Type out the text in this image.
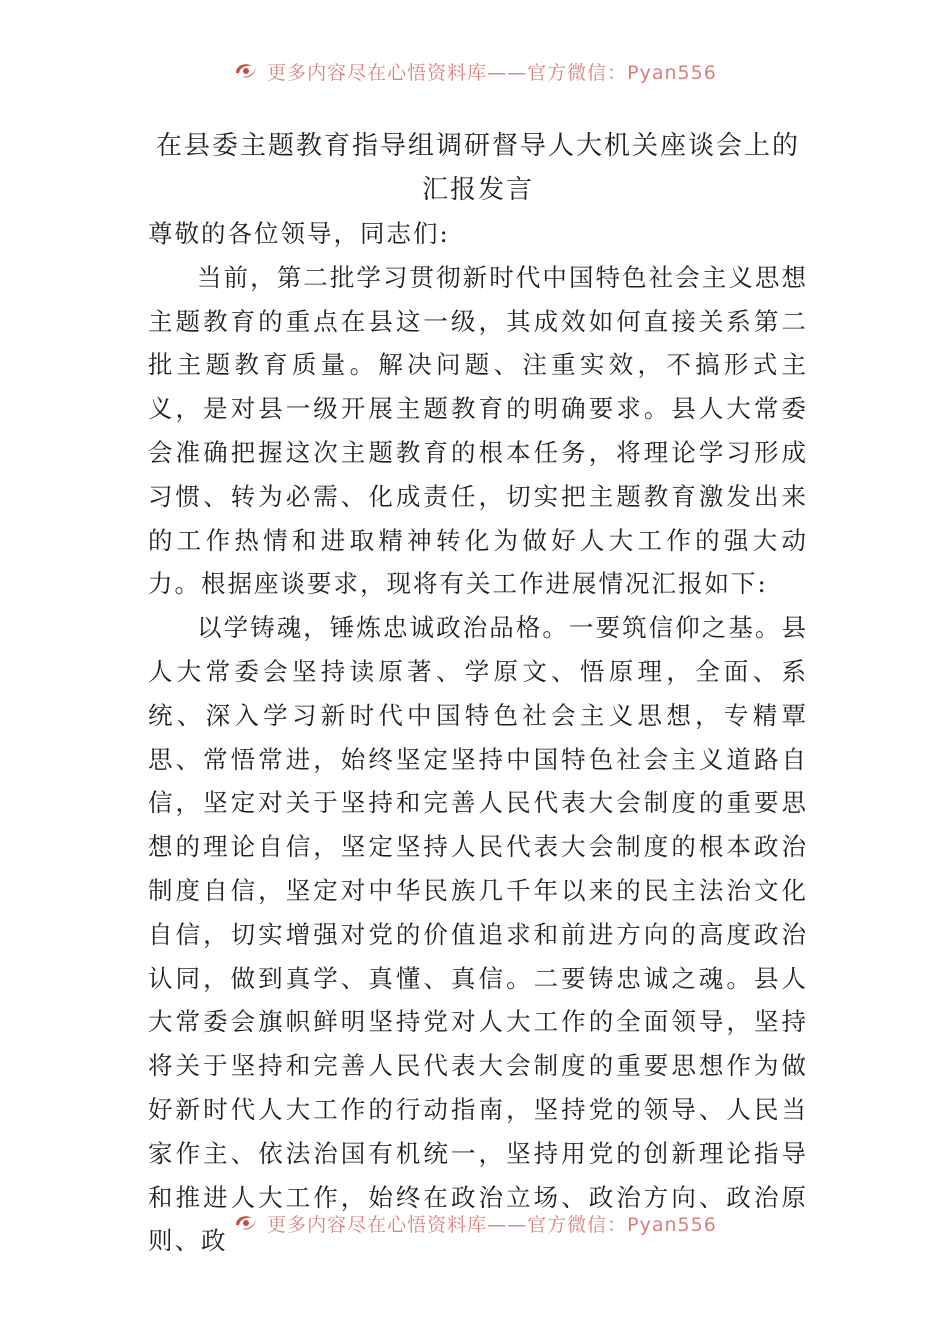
更多内容尽在心悟资料库——官方微信：Pyan556
在县委主题教育指导组调研督导人大机关座谈会上的汇报发言

尊敬的各位领导，同志们:

当前，第二批学习贯彻新时代中国特色社会主义思想主题教育的重点在县这一级，其成效如何直接关系第二批主题教育质量。解决问题、注重实效，不搞形式主义，是对县一级开展主题教育的明确要求。县人大常委会准确把握这次主题教育的根本任务，将理论学习形成习惯、转为必需、化成责任，切实把主题教育激发出来的工作热情和进取精神转化为做好人大工作的强大动力。根据座谈要求，现将有关工作进展情况汇报如下:

以学铸魂，锤炼忠诚政治品格。一要筑信仰之基。县人大常委会坚持读原著、学原文、悟原理，全面、系统、深入学习新时代中国特色社会主义思想，专精覃思、常悟常进，始终坚定坚持中国特色社会主义道路自信，坚定对关于坚持和完善人民代表大会制度的重要思想的理论自信，坚定坚持人民代表大会制度的根本政治制度自信，坚定对中华民族几千年以来的民主法治文化自信，切实增强对党的价值追求和前进方向的高度政治认同，做到真学、真懂、真信。二要铸忠诚之魂。县人大常委会旗帜鲜明坚持党对人大工作的全面领导，坚持将关于坚持和完善人民代表大会制度的重要思想作为做好新时代人大工作的行动指南，坚持党的领导、人民当家作主、依法治国有机统一，坚持用党的创新理论指导和推进人大工作，始终在政治立场、政治方向、政治原则、政

更多内容尽在心悟资料库——官方微信：Pyan556
